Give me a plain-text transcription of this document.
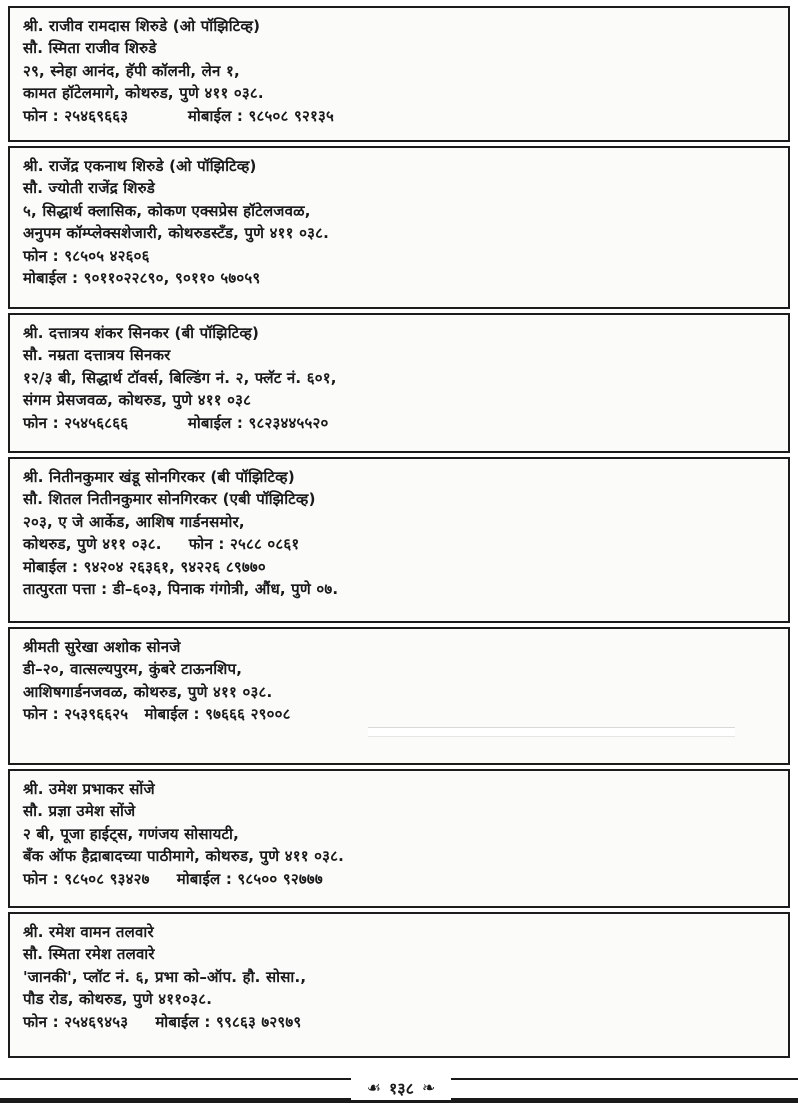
श्री. राजीव रामदास शिरुडे (ओ पॉझिटिव्ह)
सौ. स्मिता राजीव शिरुडे
२९, स्नेहा आनंद, हॅपी कॉलनी, लेन १,
कामत हॉटेलमागे, कोथरुड, पुणे ४११ ०३८.
फोन : २५४६९६६३           मोबाईल : ९८५०८ ९२१३५
श्री. राजेंद्र एकनाथ शिरुडे (ओ पॉझिटिव्ह)
सौ. ज्योती राजेंद्र शिरुडे
५, सिद्धार्थ क्लासिक, कोकण एक्सप्रेस हॉटेलजवळ,
अनुपम कॉम्प्लेक्सशेजारी, कोथरुडस्टँड, पुणे ४११ ०३८.
फोन : ९८५०५ ४२६०६
मोबाईल : ९०११०२२८९०, ९०११० ५७०५९
श्री. दत्तात्रय शंकर सिनकर (बी पॉझिटिव्ह)
सौ. नम्रता दत्तात्रय सिनकर
१२/३ बी, सिद्धार्थ टॉवर्स, बिल्डिंग नं. २, फ्लॅट नं. ६०१,
संगम प्रेसजवळ, कोथरुड, पुणे ४११ ०३८
फोन : २५४५६८६६           मोबाईल : ९८२३४४५५२०
श्री. नितीनकुमार खंडू सोनगिरकर (बी पॉझिटिव्ह)
सौ. शितल नितीनकुमार सोनगिरकर (एबी पॉझिटिव्ह)
२०३, ए जे आर्केड, आशिष गार्डनसमोर,
कोथरुड, पुणे ४११ ०३८.     फोन : २५८८ ०८६१
मोबाईल : ९४२०४ २६३६१, ९४२२६ ८९७७०
तात्पुरता पत्ता : डी–६०३, पिनाक गंगोत्री, औंध, पुणे ०७.
श्रीमती सुरेखा अशोक सोनजे
डी–२०, वात्सल्यपुरम, कुंबरे टाऊनशिप,
आशिषगार्डनजवळ, कोथरुड, पुणे ४११ ०३८.
फोन : २५३९६६२५   मोबाईल : ९७६६६ २९००८
श्री. उमेश प्रभाकर सोंजे
सौ. प्रज्ञा उमेश सोंजे
२ बी, पूजा हाईट्स, गणंजय सोसायटी,
बँक ऑफ हैद्राबादच्या पाठीमागे, कोथरुड, पुणे ४११ ०३८.
फोन : ९८५०८ ९३४२७     मोबाईल : ९८५०० ९२७७७
श्री. रमेश वामन तलवारे
सौ. स्मिता रमेश तलवारे
'जानकी', प्लॉट नं. ६, प्रभा को–ऑप. हौ. सोसा.,
पौड रोड, कोथरुड, पुणे ४११०३८.
फोन : २५४६९४५३     मोबाईल : ९९८६३ ७२९७९
☙ १३८ ❧
